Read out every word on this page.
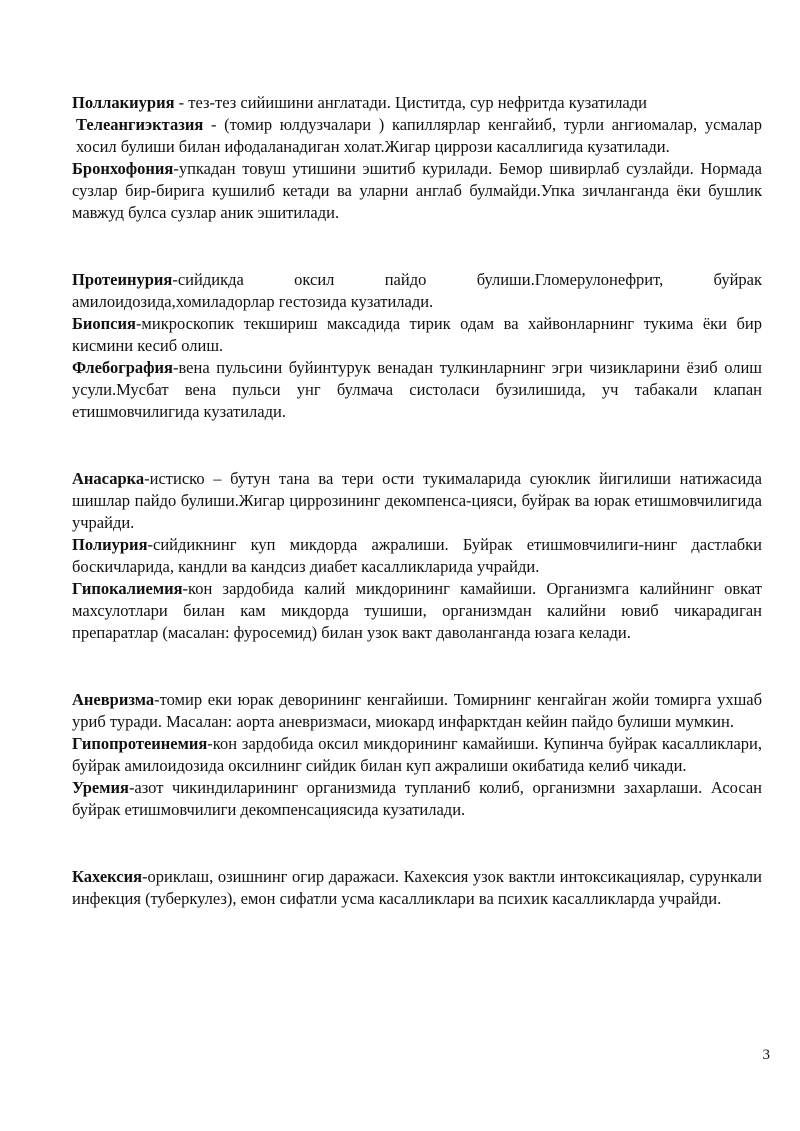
Поллакиурия - тез-тез сийишини англатади. Циститда, сур нефритда кузатилади

Телеангиэктазия - (томир юлдузчалари ) капиллярлар кенгайиб, турли ангиомалар, усмалар хосил булиши билан ифодаланадиган холат.Жигар циррози касаллигида кузатилади.

Бронхофония-упкадан товуш утишини эшитиб курилади. Бемор шивирлаб сузлайди. Нормада сузлар бир-бирига кушилиб кетади ва уларни англаб булмайди.Упка зичланганда ёки бушлик мавжуд булса сузлар аник эшитилади.

Протеинурия-сийдикда оксил пайдо булиши.Гломерулонефрит, буйрак амилоидозида,хомиладорлар гестозида кузатилади.

Биопсия-микроскопик текшириш максадида тирик одам ва хайвонларнинг тукима ёки бир кисмини кесиб олиш.

Флебография-вена пульсини буйинтурук венадан тулкинларнинг эгри чизикларини ёзиб олиш усули.Мусбат вена пульси унг булмача систоласи бузилишида, уч табакали клапан етишмовчилигида кузатилади.

Анасарка-истиско – бутун тана ва тери ости тукималарида суюклик йигилиши натижасида шишлар пайдо булиши.Жигар циррозининг декомпенса-цияси, буйрак ва юрак етишмовчилигида учрайди.

Полиурия-сийдикнинг куп микдорда ажралиши. Буйрак етишмовчилиги-нинг дастлабки боскичларида, кандли ва кандсиз диабет касалликларида учрайди.

Гипокалиемия-кон зардобида калий микдорининг камайиши. Организмга калийнинг овкат махсулотлари билан кам микдорда тушиши, организмдан калийни ювиб чикарадиган препаратлар (масалан: фуросемид) билан узок вакт даволанганда юзага келади.

Аневризма-томир еки юрак деворининг кенгайиши. Томирнинг кенгайган жойи томирга ухшаб уриб туради. Масалан: аорта аневризмаси, миокард инфарктдан кейин пайдо булиши мумкин.

Гипопротеинемия-кон зардобида оксил микдорининг камайиши. Купинча буйрак касалликлари, буйрак амилоидозида оксилнинг сийдик билан куп ажралиши окибатида келиб чикади.

Уремия-азот чикиндиларининг организмида тупланиб колиб, организмни захарлаши. Асосан буйрак етишмовчилиги декомпенсациясида кузатилади.

Кахексия-ориклаш, озишнинг огир даражаси. Кахексия узок вактли интоксикациялар, сурункали инфекция (туберкулез), емон сифатли усма касалликлари ва психик касалликларда учрайди.

3
